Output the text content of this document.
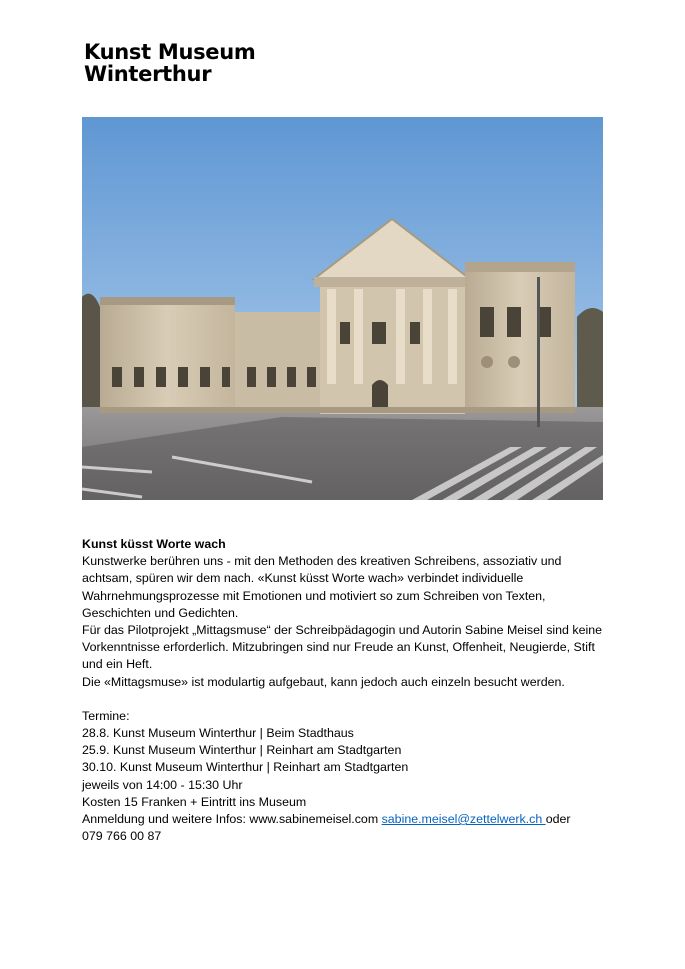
Kunst Museum
Winterthur

Kunst küsst Worte wach

Kunstwerke berühren uns - mit den Methoden des kreativen Schreibens, assoziativ und achtsam, spüren wir dem nach. «Kunst küsst Worte wach» verbindet individuelle Wahrnehmungsprozesse mit Emotionen und motiviert so zum Schreiben von Texten, Geschichten und Gedichten.

Für das Pilotprojekt „Mittagsmuse“ der Schreibpädagogin und Autorin Sabine Meisel sind keine Vorkenntnisse erforderlich. Mitzubringen sind nur Freude an Kunst, Offenheit, Neugierde, Stift und ein Heft.

Die «Mittagsmuse» ist modulartig aufgebaut, kann jedoch auch einzeln besucht werden.

Termine:

28.8. Kunst Museum Winterthur | Beim Stadthaus

25.9. Kunst Museum Winterthur | Reinhart am Stadtgarten

30.10. Kunst Museum Winterthur | Reinhart am Stadtgarten

jeweils von 14:00 - 15:30 Uhr

Kosten 15 Franken + Eintritt ins Museum

Anmeldung und weitere Infos: www.sabinemeisel.com sabine.meisel@zettelwerk.ch oder

079 766 00 87
